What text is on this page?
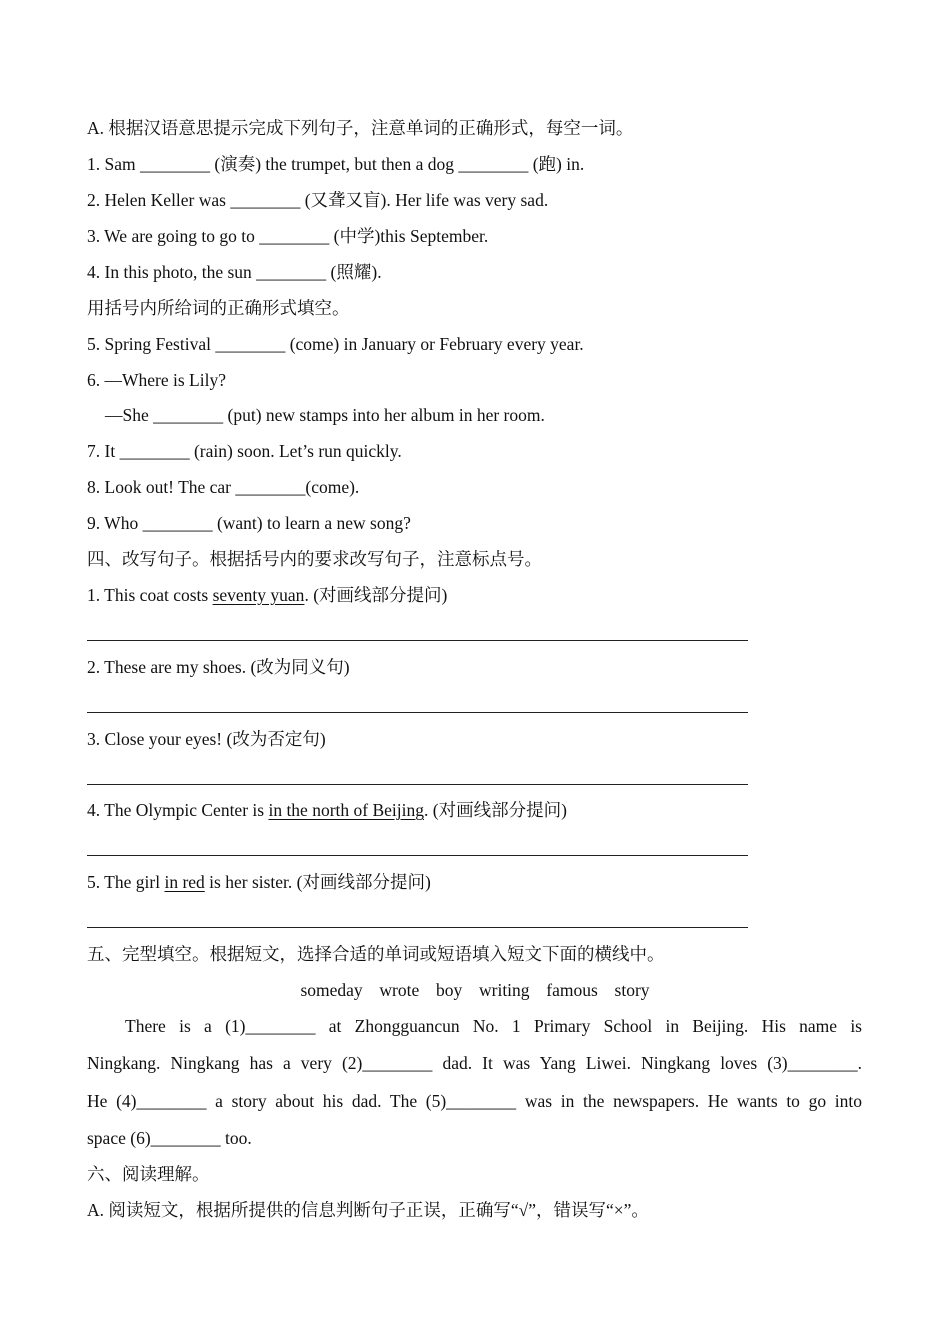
A. 根据汉语意思提示完成下列句子，注意单词的正确形式，每空一词。
1. Sam ________ (演奏) the trumpet, but then a dog ________ (跑) in.
2. Helen Keller was ________ (又聋又盲). Her life was very sad.
3. We are going to go to ________ (中学)this September.
4. In this photo, the sun ________ (照耀).
用括号内所给词的正确形式填空。
5. Spring Festival ________ (come) in January or February every year.
6. —Where is Lily?
—She ________ (put) new stamps into her album in her room.
7. It ________ (rain) soon. Let’s run quickly.
8. Look out! The car ________(come).
9. Who ________ (want) to learn a new song?
四、改写句子。根据括号内的要求改写句子，注意标点号。
1. This coat costs seventy yuan. (对画线部分提问)
2. These are my shoes. (改为同义句)
3. Close your eyes! (改为否定句)
4. The Olympic Center is in the north of Beijing. (对画线部分提问)
5. The girl in red is her sister. (对画线部分提问)
五、完型填空。根据短文，选择合适的单词或短语填入短文下面的横线中。
someday  wrote  boy  writing  famous  story
There is a (1)________ at Zhongguancun No. 1 Primary School in Beijing. His name is
Ningkang. Ningkang has a very (2)________ dad. It was Yang Liwei. Ningkang loves (3)________.
He (4)________ a story about his dad. The (5)________ was in the newspapers. He wants to go into
space (6)________ too.
六、阅读理解。
A. 阅读短文，根据所提供的信息判断句子正误，正确写“√”，错误写“×”。
